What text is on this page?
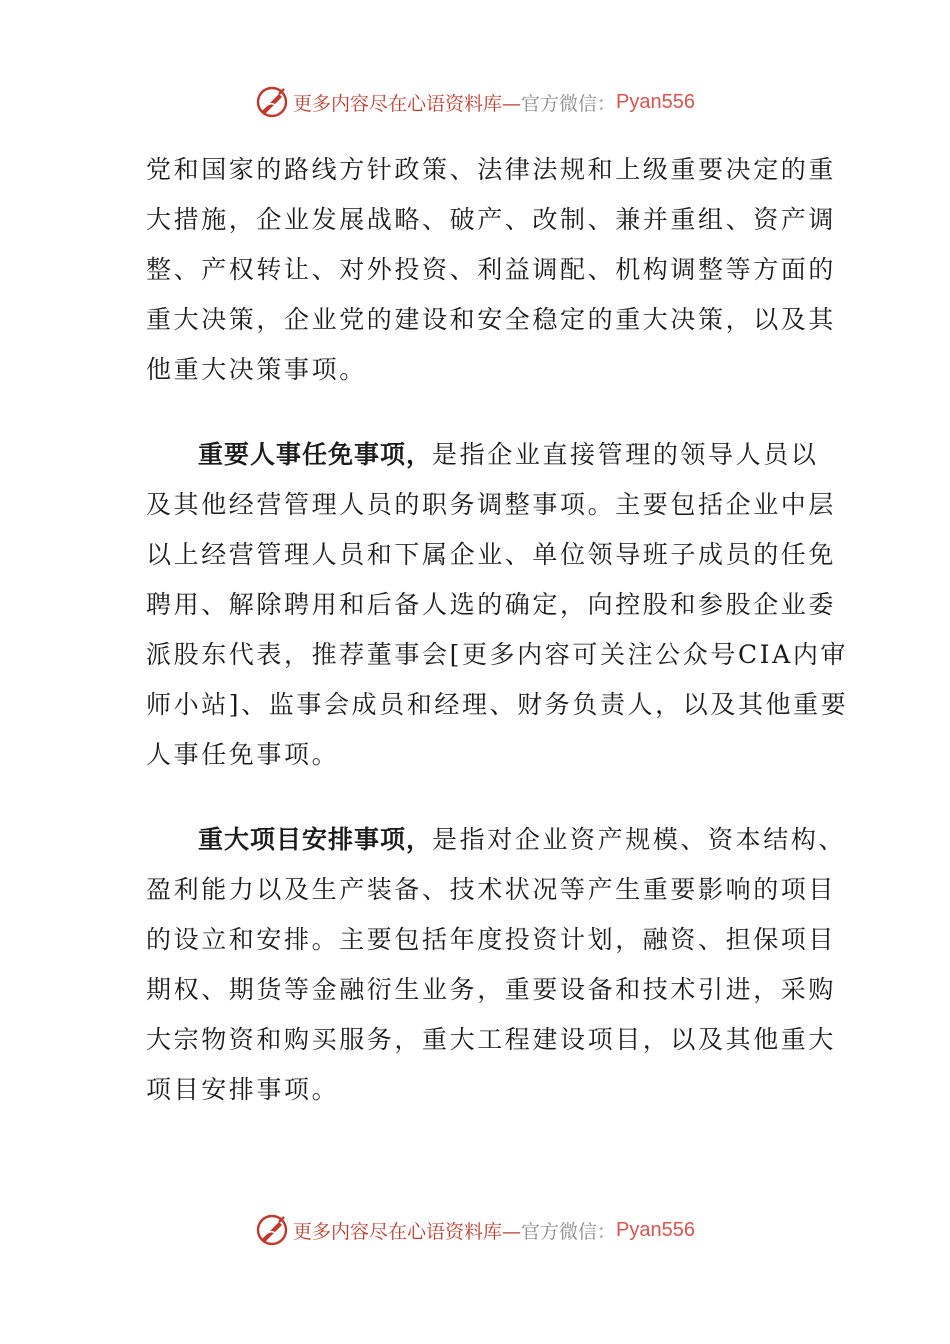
更多内容尽在心语资料库— 官方微信： Pyan556
党和国家的路线方针政策、法律法规和上级重要决定的重
大措施，企业发展战略、破产、改制、兼并重组、资产调
整、产权转让、对外投资、利益调配、机构调整等方面的
重大决策，企业党的建设和安全稳定的重大决策，以及其
他重大决策事项。
重要人事任免事项，是指企业直接管理的领导人员以
及其他经营管理人员的职务调整事项。主要包括企业中层
以上经营管理人员和下属企业、单位领导班子成员的任免
聘用、解除聘用和后备人选的确定，向控股和参股企业委
派股东代表，推荐董事会[更多内容可关注公众号CIA内审
师小站]、监事会成员和经理、财务负责人，以及其他重要
人事任免事项。
重大项目安排事项，是指对企业资产规模、资本结构、
盈利能力以及生产装备、技术状况等产生重要影响的项目
的设立和安排。主要包括年度投资计划，融资、担保项目
期权、期货等金融衍生业务，重要设备和技术引进，采购
大宗物资和购买服务，重大工程建设项目，以及其他重大
项目安排事项。
更多内容尽在心语资料库— 官方微信： Pyan556
